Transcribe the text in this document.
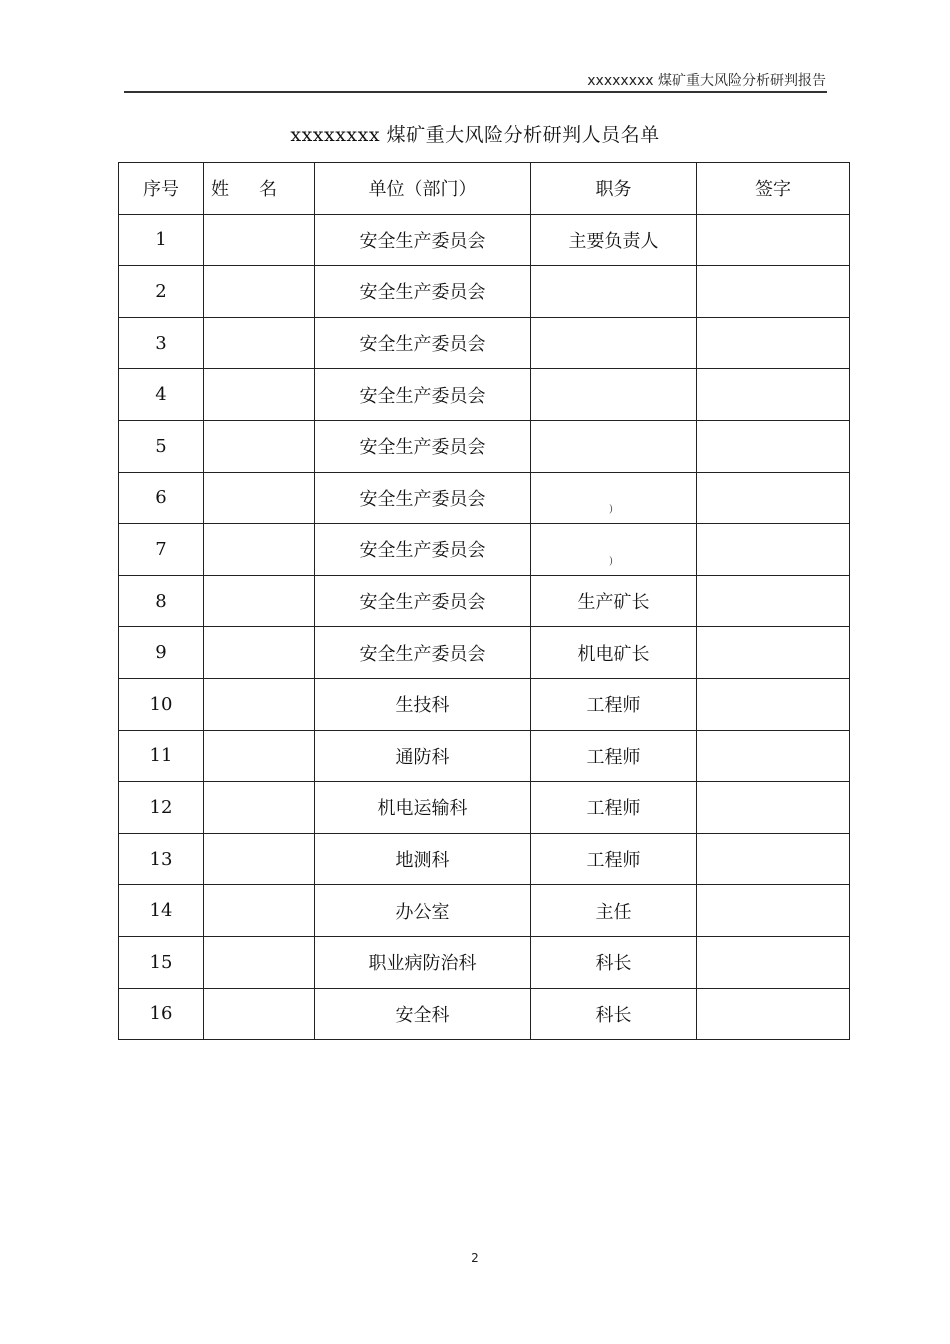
xxxxxxxx 煤矿重大风险分析研判报告
xxxxxxxx 煤矿重大风险分析研判人员名单
序号	姓名	单位（部门）	职务	签字
1		安全生产委员会	主要负责人	
2		安全生产委员会		
3		安全生产委员会		
4		安全生产委员会		
5		安全生产委员会		
6		安全生产委员会	)	

7		安全生产委员会	)	

8		安全生产委员会	生产矿长	
9		安全生产委员会	机电矿长	
10		生技科	工程师	
11		通防科	工程师	
12		机电运输科	工程师	
13		地测科	工程师	
14		办公室	主任	
15		职业病防治科	科长	
16		安全科	科长	
2
